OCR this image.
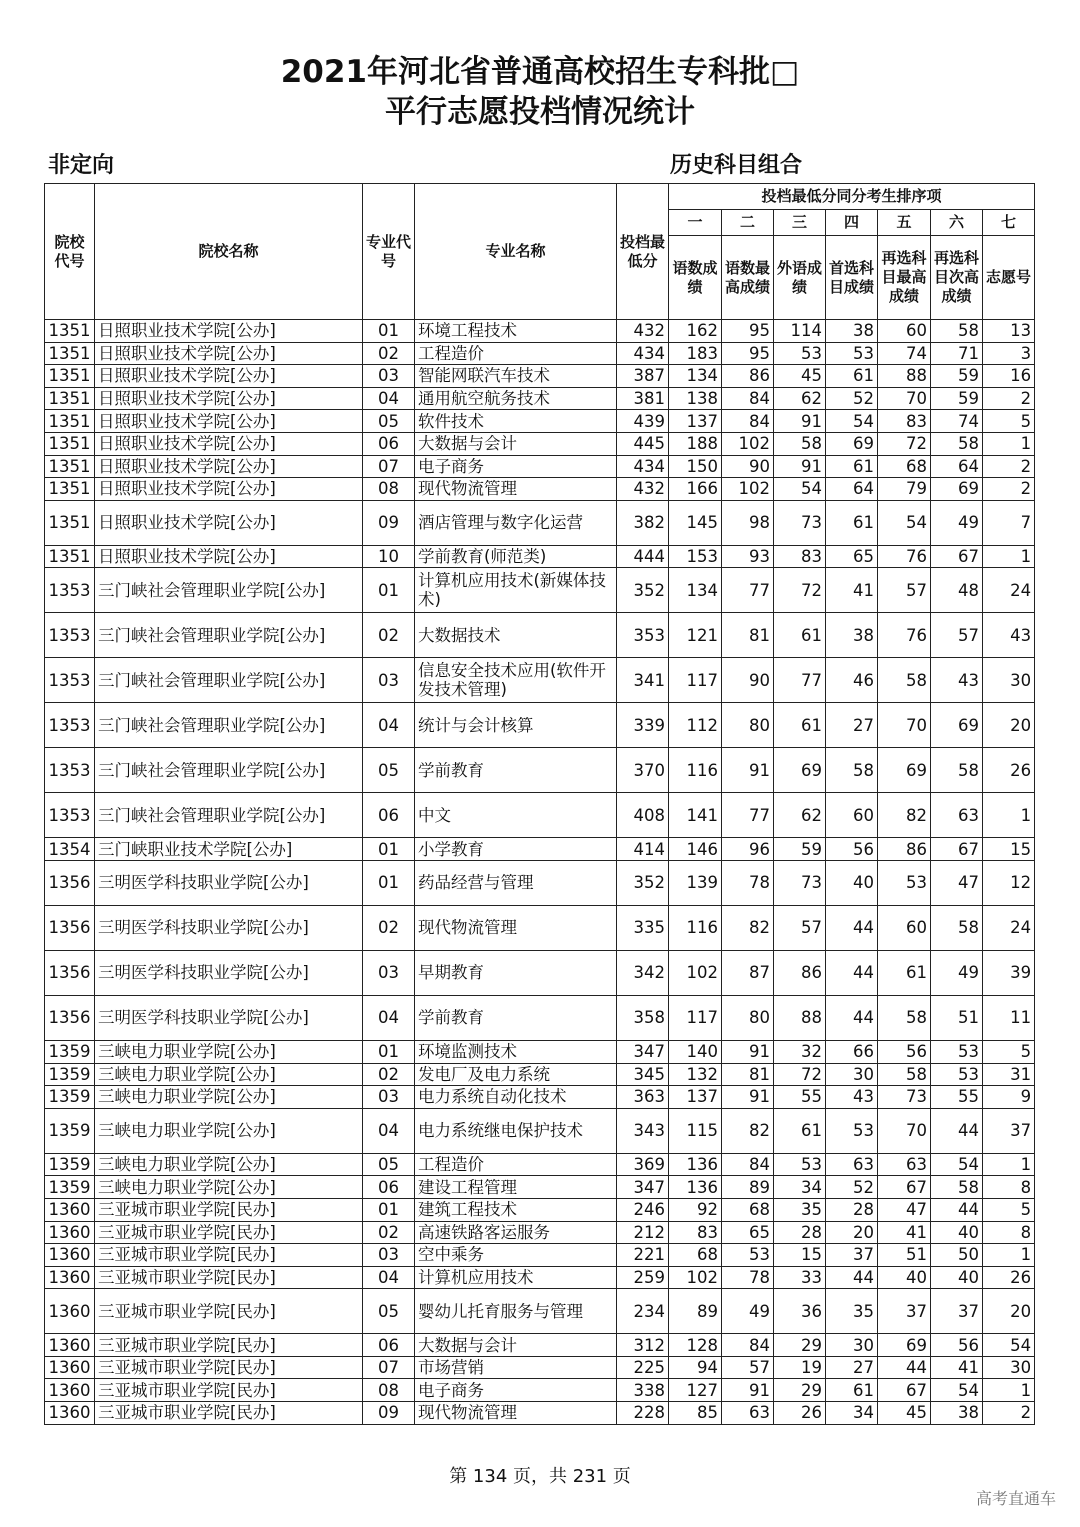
2021年河北省普通高校招生专科批□
平行志愿投档情况统计
非定向	历史科目组合
院校代号	院校名称	专业代号	专业名称	投档最低分	投档最低分同分考生排序项						
					一	二	三	四	五	六	七
					语数成绩	语数最高成绩	外语成绩	首选科目成绩	再选科目最高成绩	再选科目次高成绩	志愿号
1351	日照职业技术学院[公办]	01	环境工程技术	432	162	95	114	38	60	58	13
1351	日照职业技术学院[公办]	02	工程造价	434	183	95	53	53	74	71	3
1351	日照职业技术学院[公办]	03	智能网联汽车技术	387	134	86	45	61	88	59	16
1351	日照职业技术学院[公办]	04	通用航空航务技术	381	138	84	62	52	70	59	2
1351	日照职业技术学院[公办]	05	软件技术	439	137	84	91	54	83	74	5
1351	日照职业技术学院[公办]	06	大数据与会计	445	188	102	58	69	72	58	1
1351	日照职业技术学院[公办]	07	电子商务	434	150	90	91	61	68	64	2
1351	日照职业技术学院[公办]	08	现代物流管理	432	166	102	54	64	79	69	2
1351	日照职业技术学院[公办]	09	酒店管理与数字化运营	382	145	98	73	61	54	49	7
1351	日照职业技术学院[公办]	10	学前教育(师范类)	444	153	93	83	65	76	67	1
1353	三门峡社会管理职业学院[公办]	01	计算机应用技术(新媒体技术)	352	134	77	72	41	57	48	24
1353	三门峡社会管理职业学院[公办]	02	大数据技术	353	121	81	61	38	76	57	43
1353	三门峡社会管理职业学院[公办]	03	信息安全技术应用(软件开发技术管理)	341	117	90	77	46	58	43	30
1353	三门峡社会管理职业学院[公办]	04	统计与会计核算	339	112	80	61	27	70	69	20
1353	三门峡社会管理职业学院[公办]	05	学前教育	370	116	91	69	58	69	58	26
1353	三门峡社会管理职业学院[公办]	06	中文	408	141	77	62	60	82	63	1
1354	三门峡职业技术学院[公办]	01	小学教育	414	146	96	59	56	86	67	15
1356	三明医学科技职业学院[公办]	01	药品经营与管理	352	139	78	73	40	53	47	12
1356	三明医学科技职业学院[公办]	02	现代物流管理	335	116	82	57	44	60	58	24
1356	三明医学科技职业学院[公办]	03	早期教育	342	102	87	86	44	61	49	39
1356	三明医学科技职业学院[公办]	04	学前教育	358	117	80	88	44	58	51	11
1359	三峡电力职业学院[公办]	01	环境监测技术	347	140	91	32	66	56	53	5
1359	三峡电力职业学院[公办]	02	发电厂及电力系统	345	132	81	72	30	58	53	31
1359	三峡电力职业学院[公办]	03	电力系统自动化技术	363	137	91	55	43	73	55	9
1359	三峡电力职业学院[公办]	04	电力系统继电保护技术	343	115	82	61	53	70	44	37
1359	三峡电力职业学院[公办]	05	工程造价	369	136	84	53	63	63	54	1
1359	三峡电力职业学院[公办]	06	建设工程管理	347	136	89	34	52	67	58	8
1360	三亚城市职业学院[民办]	01	建筑工程技术	246	92	68	35	28	47	44	5
1360	三亚城市职业学院[民办]	02	高速铁路客运服务	212	83	65	28	20	41	40	8
1360	三亚城市职业学院[民办]	03	空中乘务	221	68	53	15	37	51	50	1
1360	三亚城市职业学院[民办]	04	计算机应用技术	259	102	78	33	44	40	40	26
1360	三亚城市职业学院[民办]	05	婴幼儿托育服务与管理	234	89	49	36	35	37	37	20
1360	三亚城市职业学院[民办]	06	大数据与会计	312	128	84	29	30	69	56	54
1360	三亚城市职业学院[民办]	07	市场营销	225	94	57	19	27	44	41	30
1360	三亚城市职业学院[民办]	08	电子商务	338	127	91	29	61	67	54	1
1360	三亚城市职业学院[民办]	09	现代物流管理	228	85	63	26	34	45	38	2
第 134 页，共 231 页
高考直通车
